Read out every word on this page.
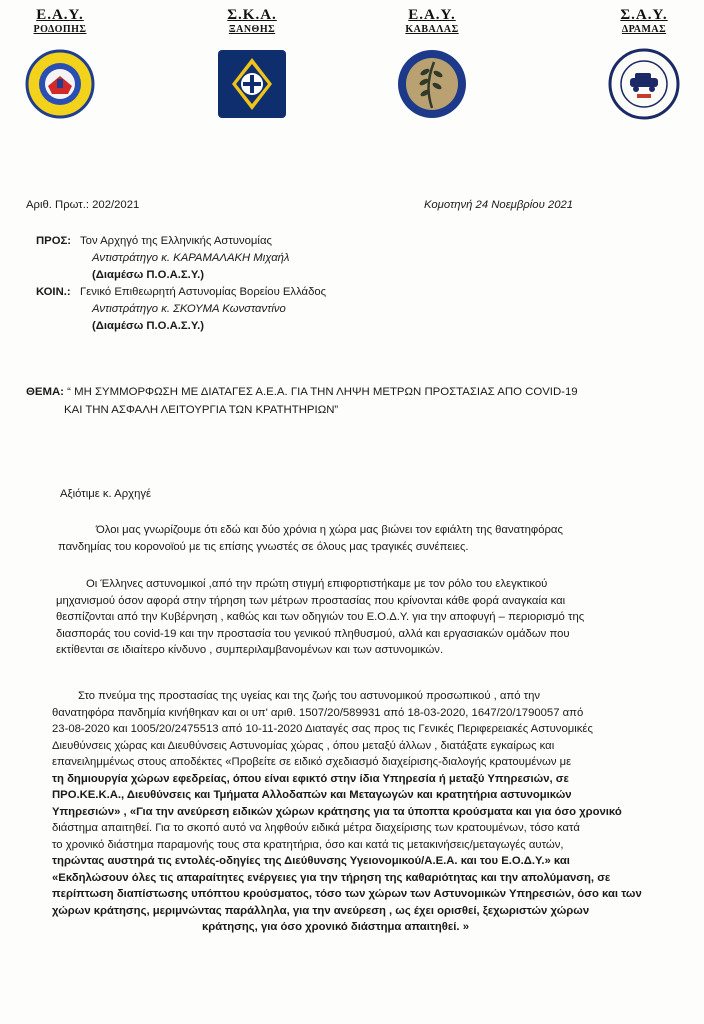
Ε.Α.Υ.
ΡΟΔΟΠΗΣ
Σ.Κ.Α.
ΞΑΝΘΗΣ
Ε.Α.Υ.
ΚΑΒΑΛΑΣ
Σ.Α.Υ.
ΔΡΑΜΑΣ
Αριθ. Πρωτ.: 202/2021	Κομοτηνή 24 Νοεμβρίου 2021
ΠΡΟΣ: Τον Αρχηγό της Ελληνικής Αστυνομίας
Αντιστράτηγο κ. ΚΑΡΑΜΑΛΑΚΗ Μιχαήλ
(Διαμέσω Π.Ο.Α.Σ.Υ.)
ΚΟΙΝ.: Γενικό Επιθεωρητή Αστυνομίας Βορείου Ελλάδος
Αντιστράτηγο κ. ΣΚΟΥΜΑ Κωνσταντίνο
(Διαμέσω Π.Ο.Α.Σ.Υ.)
ΘΕΜΑ: “ ΜΗ ΣΥΜΜΟΡΦΩΣΗ ΜΕ ΔΙΑΤΑΓΕΣ Α.Ε.Α. ΓΙΑ ΤΗΝ ΛΗΨΗ ΜΕΤΡΩΝ ΠΡΟΣΤΑΣΙΑΣ ΑΠΟ COVID-19
ΚΑΙ ΤΗΝ ΑΣΦΑΛΗ ΛΕΙΤΟΥΡΓΙΑ ΤΩΝ ΚΡΑΤΗΤΗΡΙΩΝ”
Αξιότιμε κ. Αρχηγέ
Όλοι μας γνωρίζουμε ότι εδώ και δύο χρόνια η χώρα μας βιώνει τον εφιάλτη της θανατηφόρας
πανδημίας του κορονοϊού με τις επίσης γνωστές σε όλους μας τραγικές συνέπειες.
Οι Έλληνες αστυνομικοί ,από την πρώτη στιγμή επιφορτιστήκαμε με τον ρόλο του ελεγκτικού
μηχανισμού όσον αφορά στην τήρηση των μέτρων προστασίας που κρίνονται κάθε φορά αναγκαία και
θεσπίζονται από την Κυβέρνηση , καθώς και των οδηγιών του Ε.Ο.Δ.Υ. για την αποφυγή – περιορισμό της
διασποράς του covid-19 και την προστασία του γενικού πληθυσμού, αλλά και εργασιακών ομάδων που
εκτίθενται σε ιδιαίτερο κίνδυνο , συμπεριλαμβανομένων και των αστυνομικών.
Στο πνεύμα της προστασίας της υγείας και της ζωής του αστυνομικού προσωπικού , από την
θανατηφόρα πανδημία κινήθηκαν και οι υπ' αριθ. 1507/20/589931 από 18-03-2020, 1647/20/1790057 από
23-08-2020 και 1005/20/2475513 από 10-11-2020 Διαταγές σας προς τις Γενικές Περιφερειακές Αστυνομικές
Διευθύνσεις χώρας και Διευθύνσεις Αστυνομίας χώρας , όπου μεταξύ άλλων , διατάξατε εγκαίρως και
επανειλημμένως στους αποδέκτες «Προβείτε σε ειδικό σχεδιασμό διαχείρισης-διαλογής κρατουμένων με
τη δημιουργία χώρων εφεδρείας, όπου είναι εφικτό στην ίδια Υπηρεσία ή μεταξύ Υπηρεσιών, σε
ΠΡΟ.ΚΕ.Κ.Α., Διευθύνσεις και Τμήματα Αλλοδαπών και Μεταγωγών και κρατητήρια αστυνομικών
Υπηρεσιών» , «Για την ανεύρεση ειδικών χώρων κράτησης για τα ύποπτα κρούσματα και για όσο χρονικό
διάστημα απαιτηθεί. Για το σκοπό αυτό να ληφθούν ειδικά μέτρα διαχείρισης των κρατουμένων, τόσο κατά
το χρονικό διάστημα παραμονής τους στα κρατητήρια, όσο και κατά τις μετακινήσεις/μεταγωγές αυτών,
τηρώντας αυστηρά τις εντολές-οδηγίες της Διεύθυνσης Υγειονομικού/Α.Ε.Α. και του Ε.Ο.Δ.Υ.» και
«Εκδηλώσουν όλες τις απαραίτητες ενέργειες για την τήρηση της καθαριότητας και την απολύμανση, σε
περίπτωση διαπίστωσης υπόπτου κρούσματος, τόσο των χώρων των Αστυνομικών Υπηρεσιών, όσο και των
χώρων κράτησης, μεριμνώντας παράλληλα, για την ανεύρεση , ως έχει ορισθεί, ξεχωριστών χώρων
κράτησης, για όσο χρονικό διάστημα απαιτηθεί. »
